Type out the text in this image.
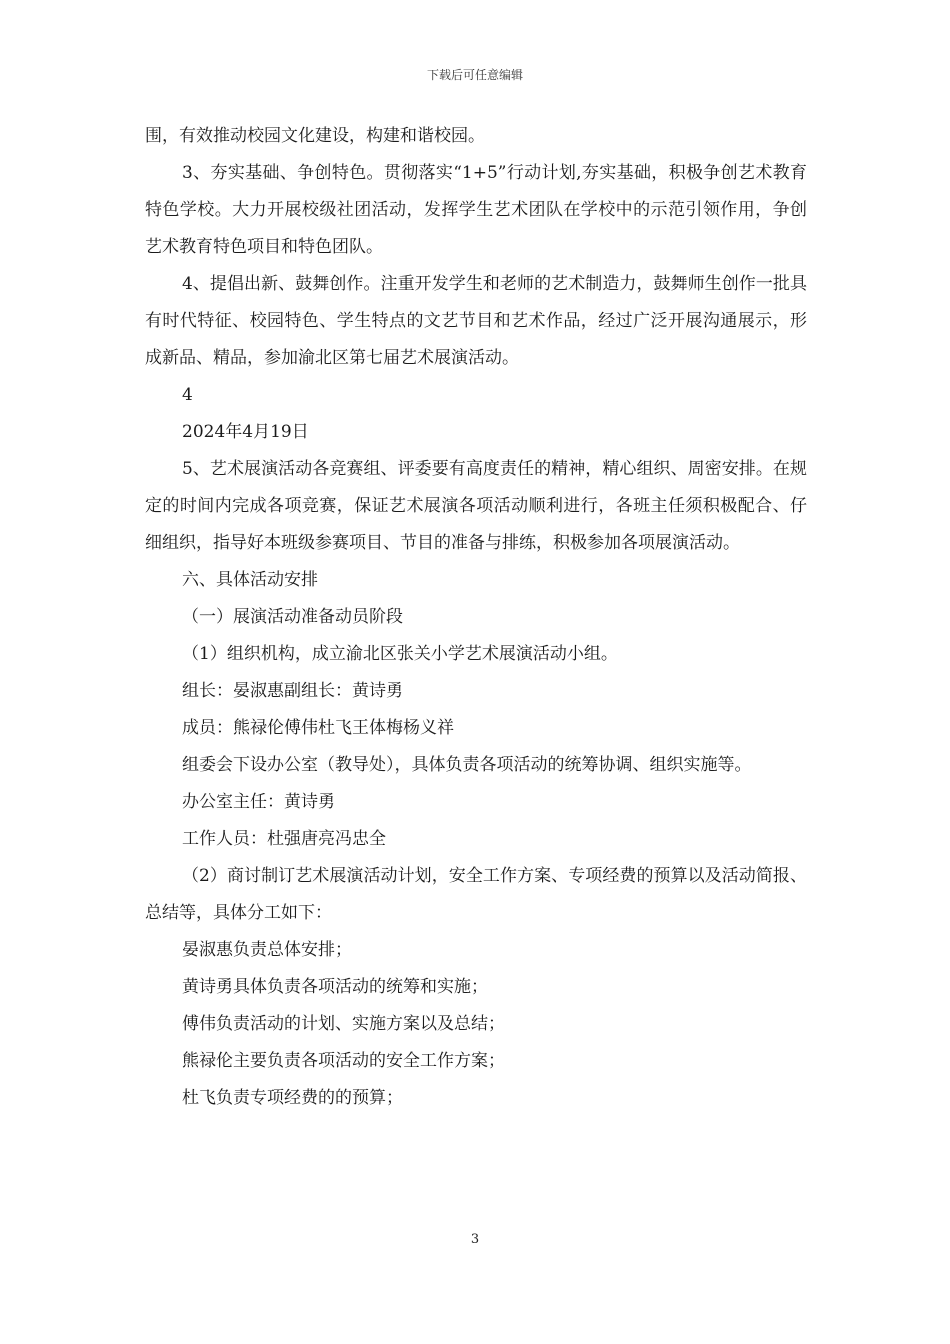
下载后可任意编辑

围，有效推动校园文化建设，构建和谐校园。

3、夯实基础、争创特色。贯彻落实“1+5”行动计划,夯实基础，积极争创艺术教育特色学校。大力开展校级社团活动，发挥学生艺术团队在学校中的示范引领作用，争创艺术教育特色项目和特色团队。

4、提倡出新、鼓舞创作。注重开发学生和老师的艺术制造力，鼓舞师生创作一批具有时代特征、校园特色、学生特点的文艺节目和艺术作品，经过广泛开展沟通展示，形成新品、精品，参加渝北区第七届艺术展演活动。

4

2024年4月19日

5、艺术展演活动各竞赛组、评委要有高度责任的精神，精心组织、周密安排。在规定的时间内完成各项竞赛，保证艺术展演各项活动顺利进行，各班主任须积极配合、仔细组织，指导好本班级参赛项目、节目的准备与排练，积极参加各项展演活动。

六、具体活动安排

（一）展演活动准备动员阶段

（1）组织机构，成立渝北区张关小学艺术展演活动小组。

组长：晏淑惠副组长：黄诗勇

成员：熊禄伦傅伟杜飞王体梅杨义祥

组委会下设办公室（教导处），具体负责各项活动的统筹协调、组织实施等。

办公室主任：黄诗勇

工作人员：杜强唐亮冯忠全

（2）商讨制订艺术展演活动计划，安全工作方案、专项经费的预算以及活动简报、总结等，具体分工如下：

晏淑惠负责总体安排；

黄诗勇具体负责各项活动的统筹和实施；

傅伟负责活动的计划、实施方案以及总结；

熊禄伦主要负责各项活动的安全工作方案；

杜飞负责专项经费的的预算；

3
